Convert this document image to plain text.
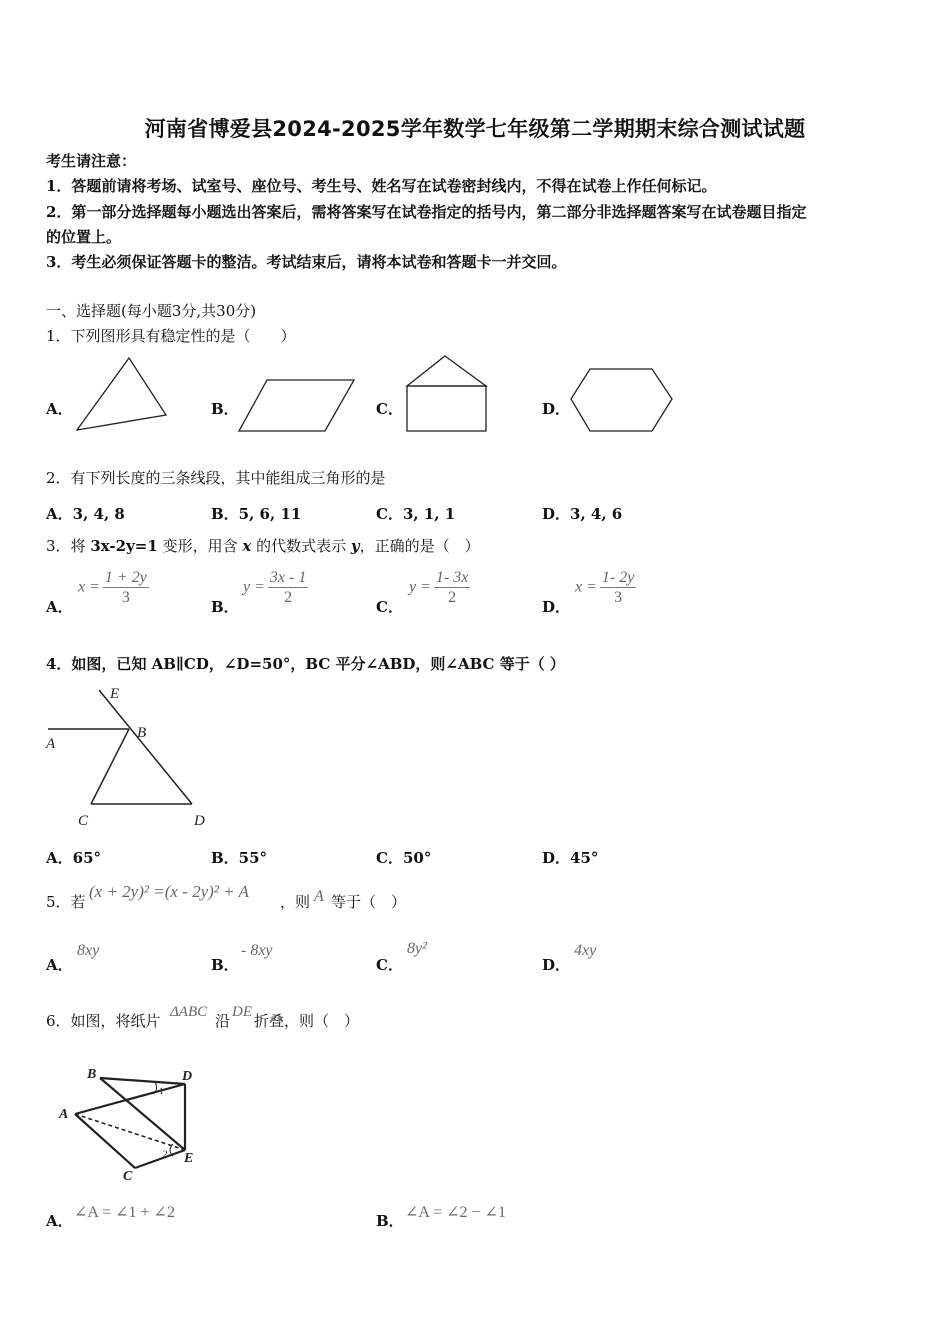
河南省博爱县2024-2025学年数学七年级第二学期期末综合测试试题
考生请注意：
1．答题前请将考场、试室号、座位号、考生号、姓名写在试卷密封线内，不得在试卷上作任何标记。
2．第一部分选择题每小题选出答案后，需将答案写在试卷指定的括号内，第二部分非选择题答案写在试卷题目指定
的位置上。
3．考生必须保证答题卡的整洁。考试结束后，请将本试卷和答题卡一并交回。
一、选择题(每小题3分,共30分)
1．下列图形具有稳定性的是（　　）
A．	B．	C．	D．
2．有下列长度的三条线段，其中能组成三角形的是
A．3, 4, 8	B．5, 6, 11	C．3, 1, 1	D．3, 4, 6
3．将 3x-2y=1 变形，用含 x 的代数式表示 y，正确的是（　）
A．
$x = \frac{1 + 2y}{3}$	B．
$y = \frac{3x - 1}{2}$	C．
$y = \frac{1- 3x}{2}$	D．
$x = \frac{1- 2y}{3}$
4．如图，已知 AB∥CD，∠D=50°，BC 平分∠ABD，则∠ABC 等于（ ）
E
A
B
C	D
A．65°	B．55°	C．50°	D．45°
5．若
(x + 2y)² =(x - 2y)² + A
，则 A 等于（　）
A．
8xy
B．
- 8xy
C．
8y²
D．
4xy
6．如图，将纸片 ΔABC 沿 DE 折叠，则（　）
B	D
A
C
E
1
2
A． ∠A = ∠1 + ∠2	B． ∠A = ∠2 − ∠1
